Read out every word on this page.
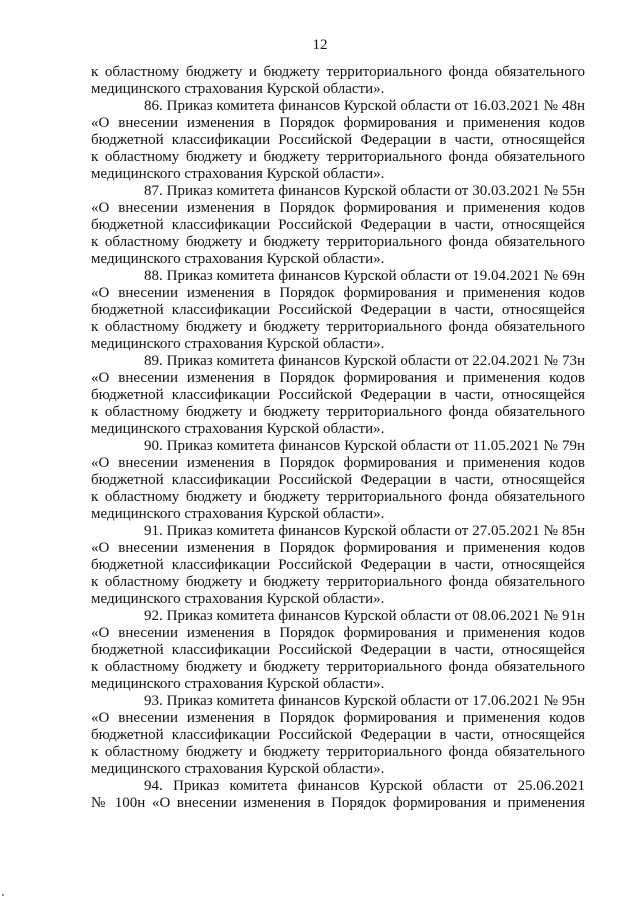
12

к областному бюджету и бюджету территориального фонда обязательного
медицинского страхования Курской области».

86. Приказ комитета финансов Курской области от 16.03.2021 № 48н
«О внесении изменения в Порядок формирования и применения кодов
бюджетной классификации Российской Федерации в части, относящейся
к областному бюджету и бюджету территориального фонда обязательного
медицинского страхования Курской области».

87. Приказ комитета финансов Курской области от 30.03.2021 № 55н
«О внесении изменения в Порядок формирования и применения кодов
бюджетной классификации Российской Федерации в части, относящейся
к областному бюджету и бюджету территориального фонда обязательного
медицинского страхования Курской области».

88. Приказ комитета финансов Курской области от 19.04.2021 № 69н
«О внесении изменения в Порядок формирования и применения кодов
бюджетной классификации Российской Федерации в части, относящейся
к областному бюджету и бюджету территориального фонда обязательного
медицинского страхования Курской области».

89. Приказ комитета финансов Курской области от 22.04.2021 № 73н
«О внесении изменения в Порядок формирования и применения кодов
бюджетной классификации Российской Федерации в части, относящейся
к областному бюджету и бюджету территориального фонда обязательного
медицинского страхования Курской области».

90. Приказ комитета финансов Курской области от 11.05.2021 № 79н
«О внесении изменения в Порядок формирования и применения кодов
бюджетной классификации Российской Федерации в части, относящейся
к областному бюджету и бюджету территориального фонда обязательного
медицинского страхования Курской области».

91. Приказ комитета финансов Курской области от 27.05.2021 № 85н
«О внесении изменения в Порядок формирования и применения кодов
бюджетной классификации Российской Федерации в части, относящейся
к областному бюджету и бюджету территориального фонда обязательного
медицинского страхования Курской области».

92. Приказ комитета финансов Курской области от 08.06.2021 № 91н
«О внесении изменения в Порядок формирования и применения кодов
бюджетной классификации Российской Федерации в части, относящейся
к областному бюджету и бюджету территориального фонда обязательного
медицинского страхования Курской области».

93. Приказ комитета финансов Курской области от 17.06.2021 № 95н
«О внесении изменения в Порядок формирования и применения кодов
бюджетной классификации Российской Федерации в части, относящейся
к областному бюджету и бюджету территориального фонда обязательного
медицинского страхования Курской области».

94. Приказ комитета финансов Курской области от 25.06.2021
№ 100н «О внесении изменения в Порядок формирования и применения
